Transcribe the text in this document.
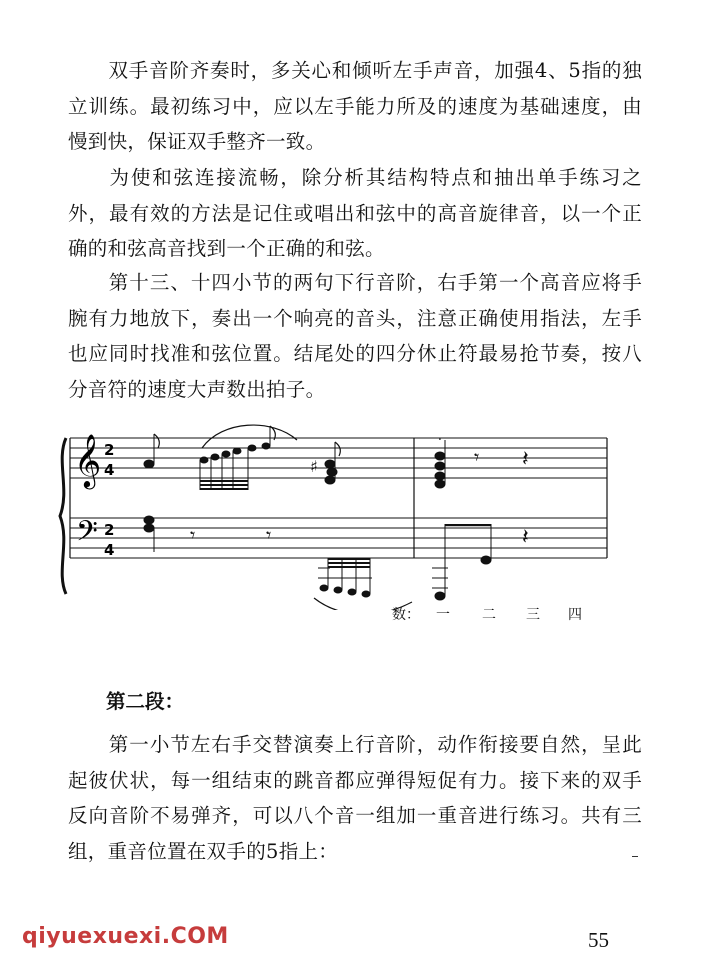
双手音阶齐奏时，多关心和倾听左手声音，加强4、5指的独立训练。最初练习中，应以左手能力所及的速度为基础速度，由慢到快，保证双手整齐一致。

为使和弦连接流畅，除分析其结构特点和抽出单手练习之外，最有效的方法是记住或唱出和弦中的高音旋律音，以一个正确的和弦高音找到一个正确的和弦。

第十三、十四小节的两句下行音阶，右手第一个高音应将手腕有力地放下，奏出一个响亮的音头，注意正确使用指法，左手也应同时找准和弦位置。结尾处的四分休止符最易抢节奏，按八分音符的速度大声数出拍子。

𝄞
𝄢
2
4
2
4
♯
.
𝄾 𝄽
𝄾	𝄾	𝄽
数：	一	二	三	四

第二段：

第一小节左右手交替演奏上行音阶，动作衔接要自然，呈此起彼伏状，每一组结束的跳音都应弹得短促有力。接下来的双手反向音阶不易弹齐，可以八个音一组加一重音进行练习。共有三组，重音位置在双手的5指上：

qiyuexuexi.COM	55
